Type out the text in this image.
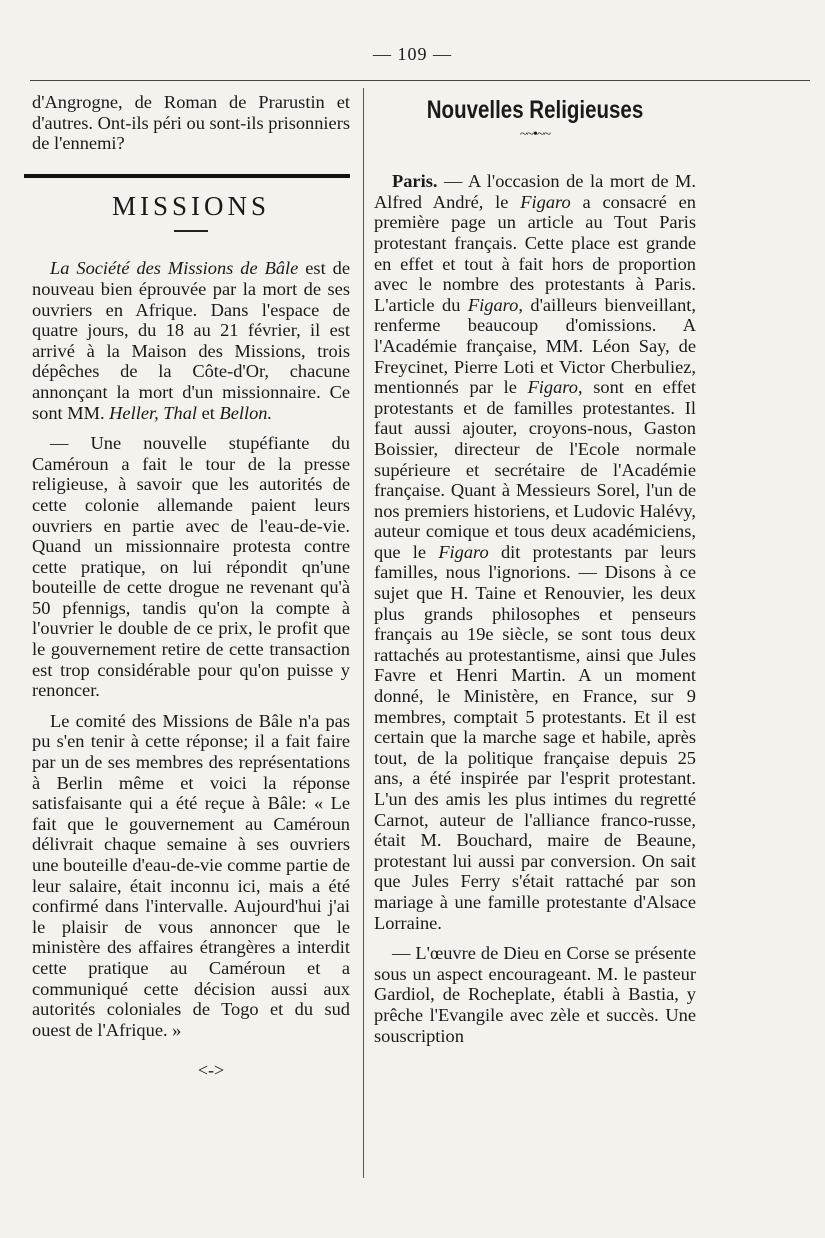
— 109 —

d'Angrogne, de Roman de Prarustin et d'autres. Ont-ils péri ou sont-ils prisonniers de l'ennemi?

MISSIONS

La Société des Missions de Bâle est de nouveau bien éprouvée par la mort de ses ouvriers en Afrique. Dans l'espace de quatre jours, du 18 au 21 février, il est arrivé à la Maison des Missions, trois dépêches de la Côte-d'Or, chacune annonçant la mort d'un missionnaire. Ce sont MM. Heller, Thal et Bellon.

— Une nouvelle stupéfiante du Caméroun a fait le tour de la presse religieuse, à savoir que les autorités de cette colonie allemande paient leurs ouvriers en partie avec de l'eau-de-vie. Quand un missionnaire protesta contre cette pratique, on lui répondit qn'une bouteille de cette drogue ne revenant qu'à 50 pfennigs, tandis qu'on la compte à l'ouvrier le double de ce prix, le profit que le gouvernement retire de cette transaction est trop considérable pour qu'on puisse y renoncer.

Le comité des Missions de Bâle n'a pas pu s'en tenir à cette réponse; il a fait faire par un de ses membres des représentations à Berlin même et voici la réponse satisfaisante qui a été reçue à Bâle: « Le fait que le gouvernement au Caméroun délivrait chaque semaine à ses ouvriers une bouteille d'eau-de-vie comme partie de leur salaire, était inconnu ici, mais a été confirmé dans l'intervalle. Aujourd'hui j'ai le plaisir de vous annoncer que le ministère des affaires étrangères a interdit cette pratique au Caméroun et a communiqué cette décision aussi aux autorités coloniales de Togo et du sud ouest de l'Afrique. »

<‑>
Nouvelles Religieuses
~~•~~

Paris. — A l'occasion de la mort de M. Alfred André, le Figaro a consacré en première page un article au Tout Paris protestant français. Cette place est grande en effet et tout à fait hors de proportion avec le nombre des protestants à Paris. L'article du Figaro, d'ailleurs bienveillant, renferme beaucoup d'omissions. A l'Académie française, MM. Léon Say, de Freycinet, Pierre Loti et Victor Cherbuliez, mentionnés par le Figaro, sont en effet protestants et de familles protestantes. Il faut aussi ajouter, croyons-nous, Gaston Boissier, directeur de l'Ecole normale supérieure et secrétaire de l'Académie française. Quant à Messieurs Sorel, l'un de nos premiers historiens, et Ludovic Halévy, auteur comique et tous deux académiciens, que le Figaro dit protestants par leurs familles, nous l'ignorions. — Disons à ce sujet que H. Taine et Renouvier, les deux plus grands philosophes et penseurs français au 19e siècle, se sont tous deux rattachés au protestantisme, ainsi que Jules Favre et Henri Martin. A un moment donné, le Ministère, en France, sur 9 membres, comptait 5 protestants. Et il est certain que la marche sage et habile, après tout, de la politique française depuis 25 ans, a été inspirée par l'esprit protestant. L'un des amis les plus intimes du regretté Carnot, auteur de l'alliance franco-russe, était M. Bouchard, maire de Beaune, protestant lui aussi par conversion. On sait que Jules Ferry s'était rattaché par son mariage à une famille protestante d'Alsace Lorraine.

— L'œuvre de Dieu en Corse se présente sous un aspect encourageant. M. le pasteur Gardiol, de Rocheplate, établi à Bastia, y prêche l'Evangile avec zèle et succès. Une souscription
